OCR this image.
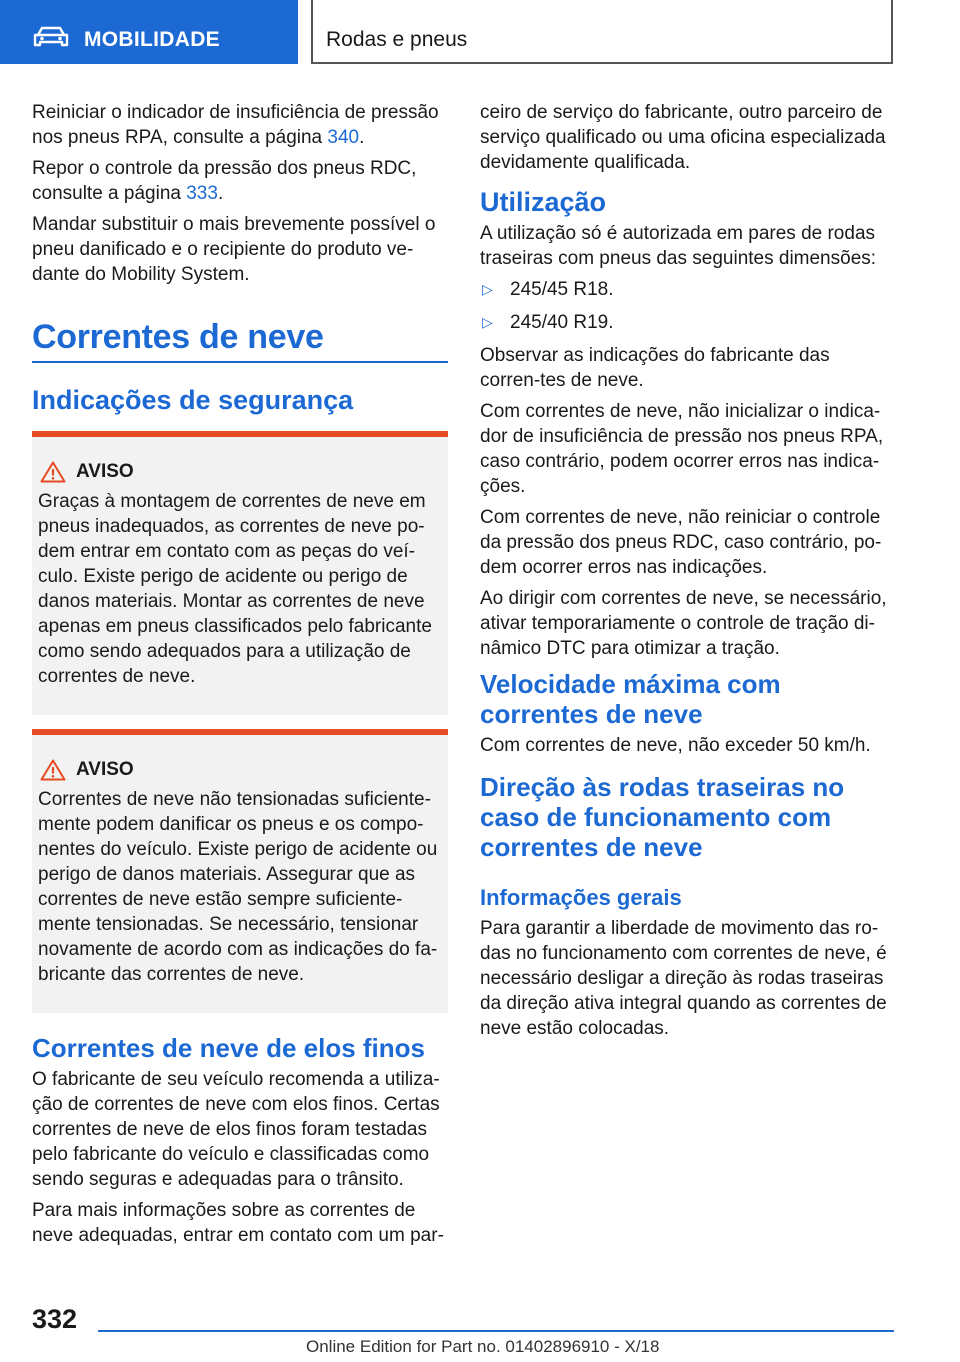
MOBILIDADE	Rodas e pneus

Reiniciar o indicador de insuficiência de pressão nos pneus RPA, consulte a página 340.

Repor o controle da pressão dos pneus RDC, consulte a página 333.

Mandar substituir o mais brevemente possível o pneu danificado e o recipiente do produto ve-dante do Mobility System.

Correntes de neve
Indicações de segurança
AVISO

Graças à montagem de correntes de neve em pneus inadequados, as correntes de neve po-dem entrar em contato com as peças do veí-culo. Existe perigo de acidente ou perigo de danos materiais. Montar as correntes de neve apenas em pneus classificados pelo fabricante como sendo adequados para a utilização de correntes de neve.

AVISO

Correntes de neve não tensionadas suficiente-mente podem danificar os pneus e os compo-nentes do veículo. Existe perigo de acidente ou perigo de danos materiais. Assegurar que as correntes de neve estão sempre suficiente-mente tensionadas. Se necessário, tensionar novamente de acordo com as indicações do fa-bricante das correntes de neve.

Correntes de neve de elos finos

O fabricante de seu veículo recomenda a utiliza-ção de correntes de neve com elos finos. Certas correntes de neve de elos finos foram testadas pelo fabricante do veículo e classificadas como sendo seguras e adequadas para o trânsito.

Para mais informações sobre as correntes de neve adequadas, entrar em contato com um par-

ceiro de serviço do fabricante, outro parceiro de serviço qualificado ou uma oficina especializada devidamente qualificada.

Utilização

A utilização só é autorizada em pares de rodas traseiras com pneus das seguintes dimensões:

▷ 245/45 R18.
▷ 245/40 R19.

Observar as indicações do fabricante das corren-tes de neve.

Com correntes de neve, não inicializar o indica-dor de insuficiência de pressão nos pneus RPA, caso contrário, podem ocorrer erros nas indica-ções.

Com correntes de neve, não reiniciar o controle da pressão dos pneus RDC, caso contrário, po-dem ocorrer erros nas indicações.

Ao dirigir com correntes de neve, se necessário, ativar temporariamente o controle de tração di-nâmico DTC para otimizar a tração.

Velocidade máxima com correntes de neve

Com correntes de neve, não exceder 50 km/h.

Direção às rodas traseiras no caso de funcionamento com correntes de neve
Informações gerais

Para garantir a liberdade de movimento das ro-das no funcionamento com correntes de neve, é necessário desligar a direção às rodas traseiras da direção ativa integral quando as correntes de neve estão colocadas.

332
Online Edition for Part no. 01402896910 - X/18
